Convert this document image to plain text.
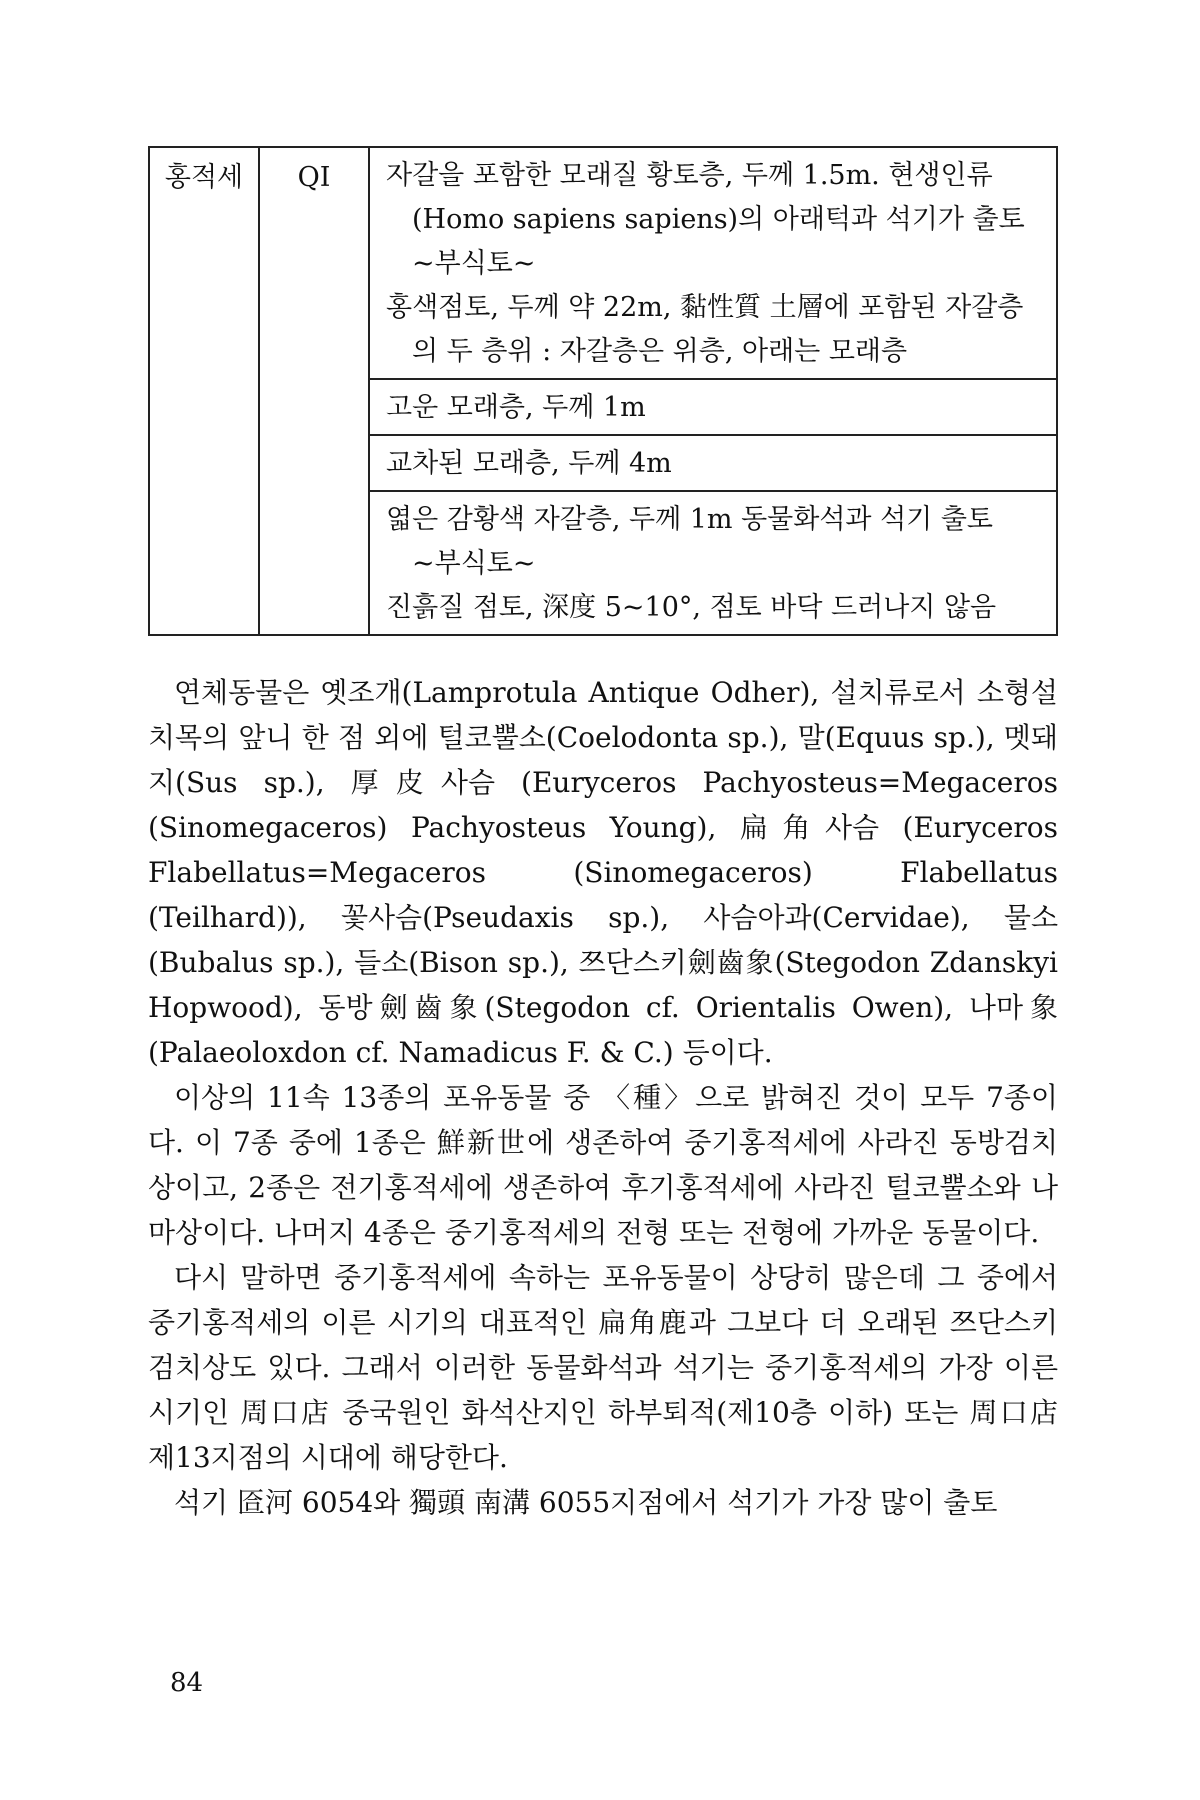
홍적세	QI	자갈을 포함한 모래질 황토층, 두께 1.5m. 현생인류
(Homo sapiens sapiens)의 아래턱과 석기가 출토
~부식토~
홍색점토, 두께 약 22m, 黏性質 土層에 포함된 자갈층
의 두 층위 : 자갈층은 위층, 아래는 모래층

고운 모래층, 두께 1m

교차된 모래층, 두께 4m

엷은 감황색 자갈층, 두께 1m 동물화석과 석기 출토
~부식토~
진흙질 점토, 深度 5~10°, 점토 바닥 드러나지 않음

연체동물은 옛조개(Lamprotula Antique Odher), 설치류로서 소형설치목의 앞니 한 점 외에 털코뿔소(Coelodonta sp.), 말(Equus sp.), 멧돼지(Sus sp.), 厚皮사슴 (Euryceros Pachyosteus=Megaceros (Sinomegaceros) Pachyosteus Young), 扁角사슴 (Euryceros Flabellatus=Megaceros (Sinomegaceros) Flabellatus (Teilhard)), 꽃사슴(Pseudaxis sp.), 사슴아과(Cervidae), 물소(Bubalus sp.), 들소(Bison sp.), 쯔단스키劍齒象(Stegodon Zdanskyi Hopwood), 동방劍齒象(Stegodon cf. Orientalis Owen), 나마象(Palaeoloxdon cf. Namadicus F. & C.) 등이다.

이상의 11속 13종의 포유동물 중 〈種〉으로 밝혀진 것이 모두 7종이다. 이 7종 중에 1종은 鮮新世에 생존하여 중기홍적세에 사라진 동방검치상이고, 2종은 전기홍적세에 생존하여 후기홍적세에 사라진 털코뿔소와 나마상이다. 나머지 4종은 중기홍적세의 전형 또는 전형에 가까운 동물이다.

다시 말하면 중기홍적세에 속하는 포유동물이 상당히 많은데 그 중에서 중기홍적세의 이른 시기의 대표적인 扁角鹿과 그보다 더 오래된 쯔단스키검치상도 있다. 그래서 이러한 동물화석과 석기는 중기홍적세의 가장 이른 시기인 周口店 중국원인 화석산지인 하부퇴적(제10층 이하) 또는 周口店 제13지점의 시대에 해당한다.

석기 匼河 6054와 獨頭 南溝 6055지점에서 석기가 가장 많이 출토

84
